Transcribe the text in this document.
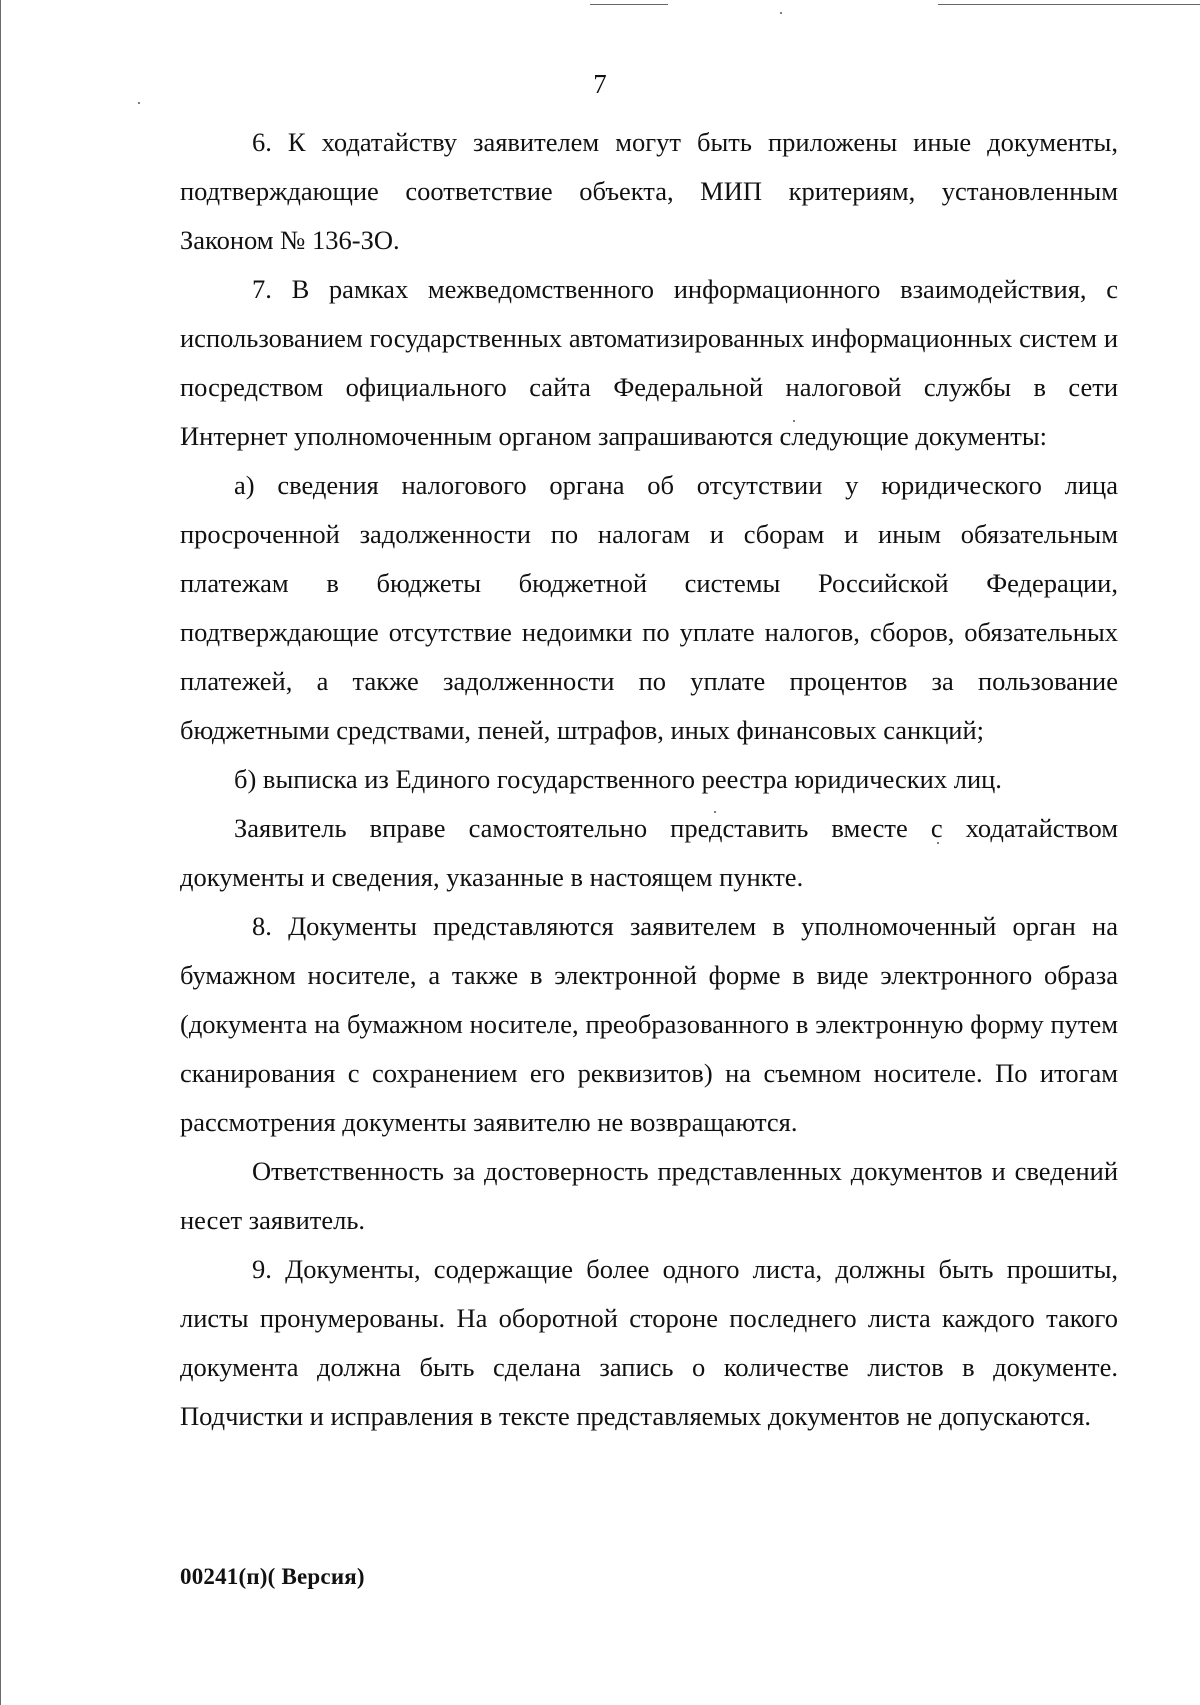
7

6. К ходатайству заявителем могут быть приложены иные документы, подтверждающие соответствие объекта, МИП критериям, установленным Законом № 136-ЗО.

7. В рамках межведомственного информационного взаимодействия, с использованием государственных автоматизированных информационных систем и посредством официального сайта Федеральной налоговой службы в сети Интернет уполномоченным органом запрашиваются следующие документы:

а) сведения налогового органа об отсутствии у юридического лица просроченной задолженности по налогам и сборам и иным обязательным платежам в бюджеты бюджетной системы Российской Федерации, подтверждающие отсутствие недоимки по уплате налогов, сборов, обязательных платежей, а также задолженности по уплате процентов за пользование бюджетными средствами, пеней, штрафов, иных финансовых санкций;

б) выписка из Единого государственного реестра юридических лиц.

Заявитель вправе самостоятельно представить вместе с ходатайством документы и сведения, указанные в настоящем пункте.

8. Документы представляются заявителем в уполномоченный орган на бумажном носителе, а также в электронной форме в виде электронного образа (документа на бумажном носителе, преобразованного в электронную форму путем сканирования с сохранением его реквизитов) на съемном носителе. По итогам рассмотрения документы заявителю не возвращаются.

Ответственность за достоверность представленных документов и сведений несет заявитель.

9. Документы, содержащие более одного листа, должны быть прошиты, листы пронумерованы. На оборотной стороне последнего листа каждого такого документа должна быть сделана запись о количестве листов в документе. Подчистки и исправления в тексте представляемых документов не допускаются.

00241(п)( Версия)
